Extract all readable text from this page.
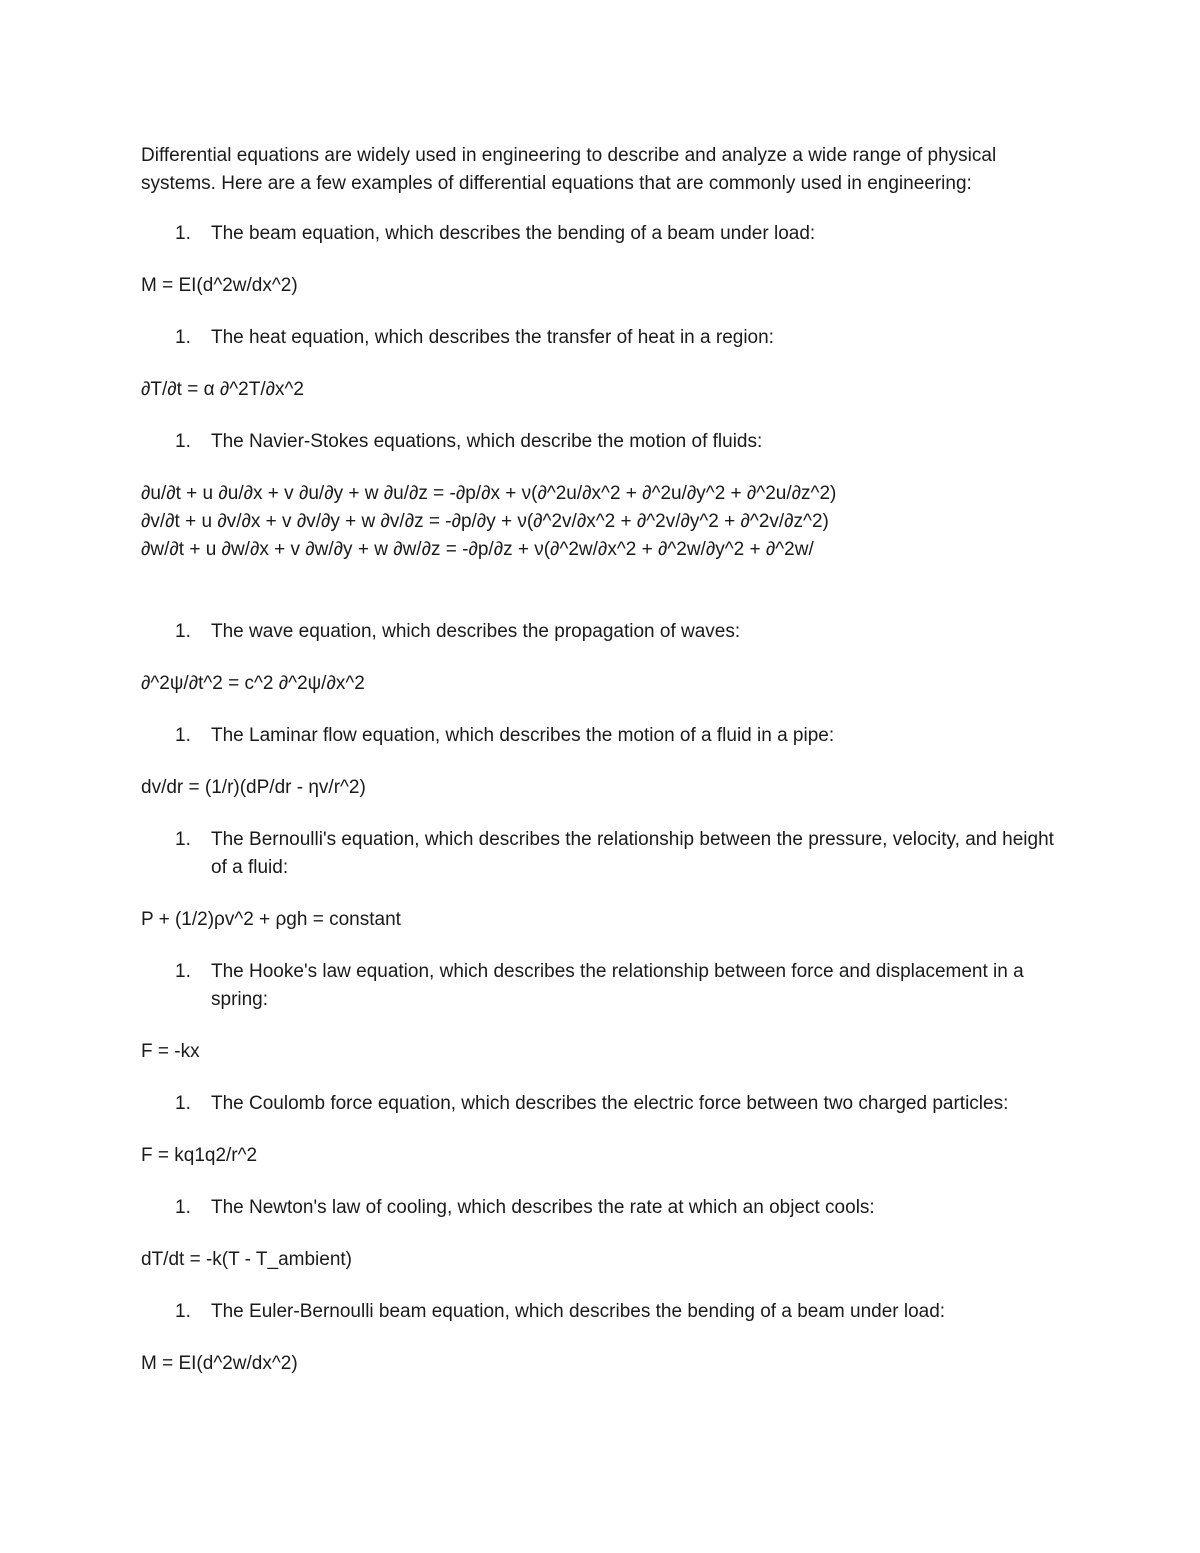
Differential equations are widely used in engineering to describe and analyze a wide range of physical systems. Here are a few examples of differential equations that are commonly used in engineering:

1.	The beam equation, which describes the bending of a beam under load:
M = EI(d^2w/dx^2)
1.	The heat equation, which describes the transfer of heat in a region:
∂T/∂t = α ∂^2T/∂x^2
1.	The Navier-Stokes equations, which describe the motion of fluids:
∂u/∂t + u ∂u/∂x + v ∂u/∂y + w ∂u/∂z = -∂p/∂x + ν(∂^2u/∂x^2 + ∂^2u/∂y^2 + ∂^2u/∂z^2)
∂v/∂t + u ∂v/∂x + v ∂v/∂y + w ∂v/∂z = -∂p/∂y + ν(∂^2v/∂x^2 + ∂^2v/∂y^2 + ∂^2v/∂z^2)
∂w/∂t + u ∂w/∂x + v ∂w/∂y + w ∂w/∂z = -∂p/∂z + ν(∂^2w/∂x^2 + ∂^2w/∂y^2 + ∂^2w/
1.	The wave equation, which describes the propagation of waves:
∂^2ψ/∂t^2 = c^2 ∂^2ψ/∂x^2
1.	The Laminar flow equation, which describes the motion of a fluid in a pipe:
dv/dr = (1/r)(dP/dr - ηv/r^2)
1.	The Bernoulli's equation, which describes the relationship between the pressure, velocity, and height of a fluid:
P + (1/2)ρv^2 + ρgh = constant
1.	The Hooke's law equation, which describes the relationship between force and displacement in a spring:
F = -kx
1.	The Coulomb force equation, which describes the electric force between two charged particles:
F = kq1q2/r^2
1.	The Newton's law of cooling, which describes the rate at which an object cools:
dT/dt = -k(T - T_ambient)
1.	The Euler-Bernoulli beam equation, which describes the bending of a beam under load:
M = EI(d^2w/dx^2)
